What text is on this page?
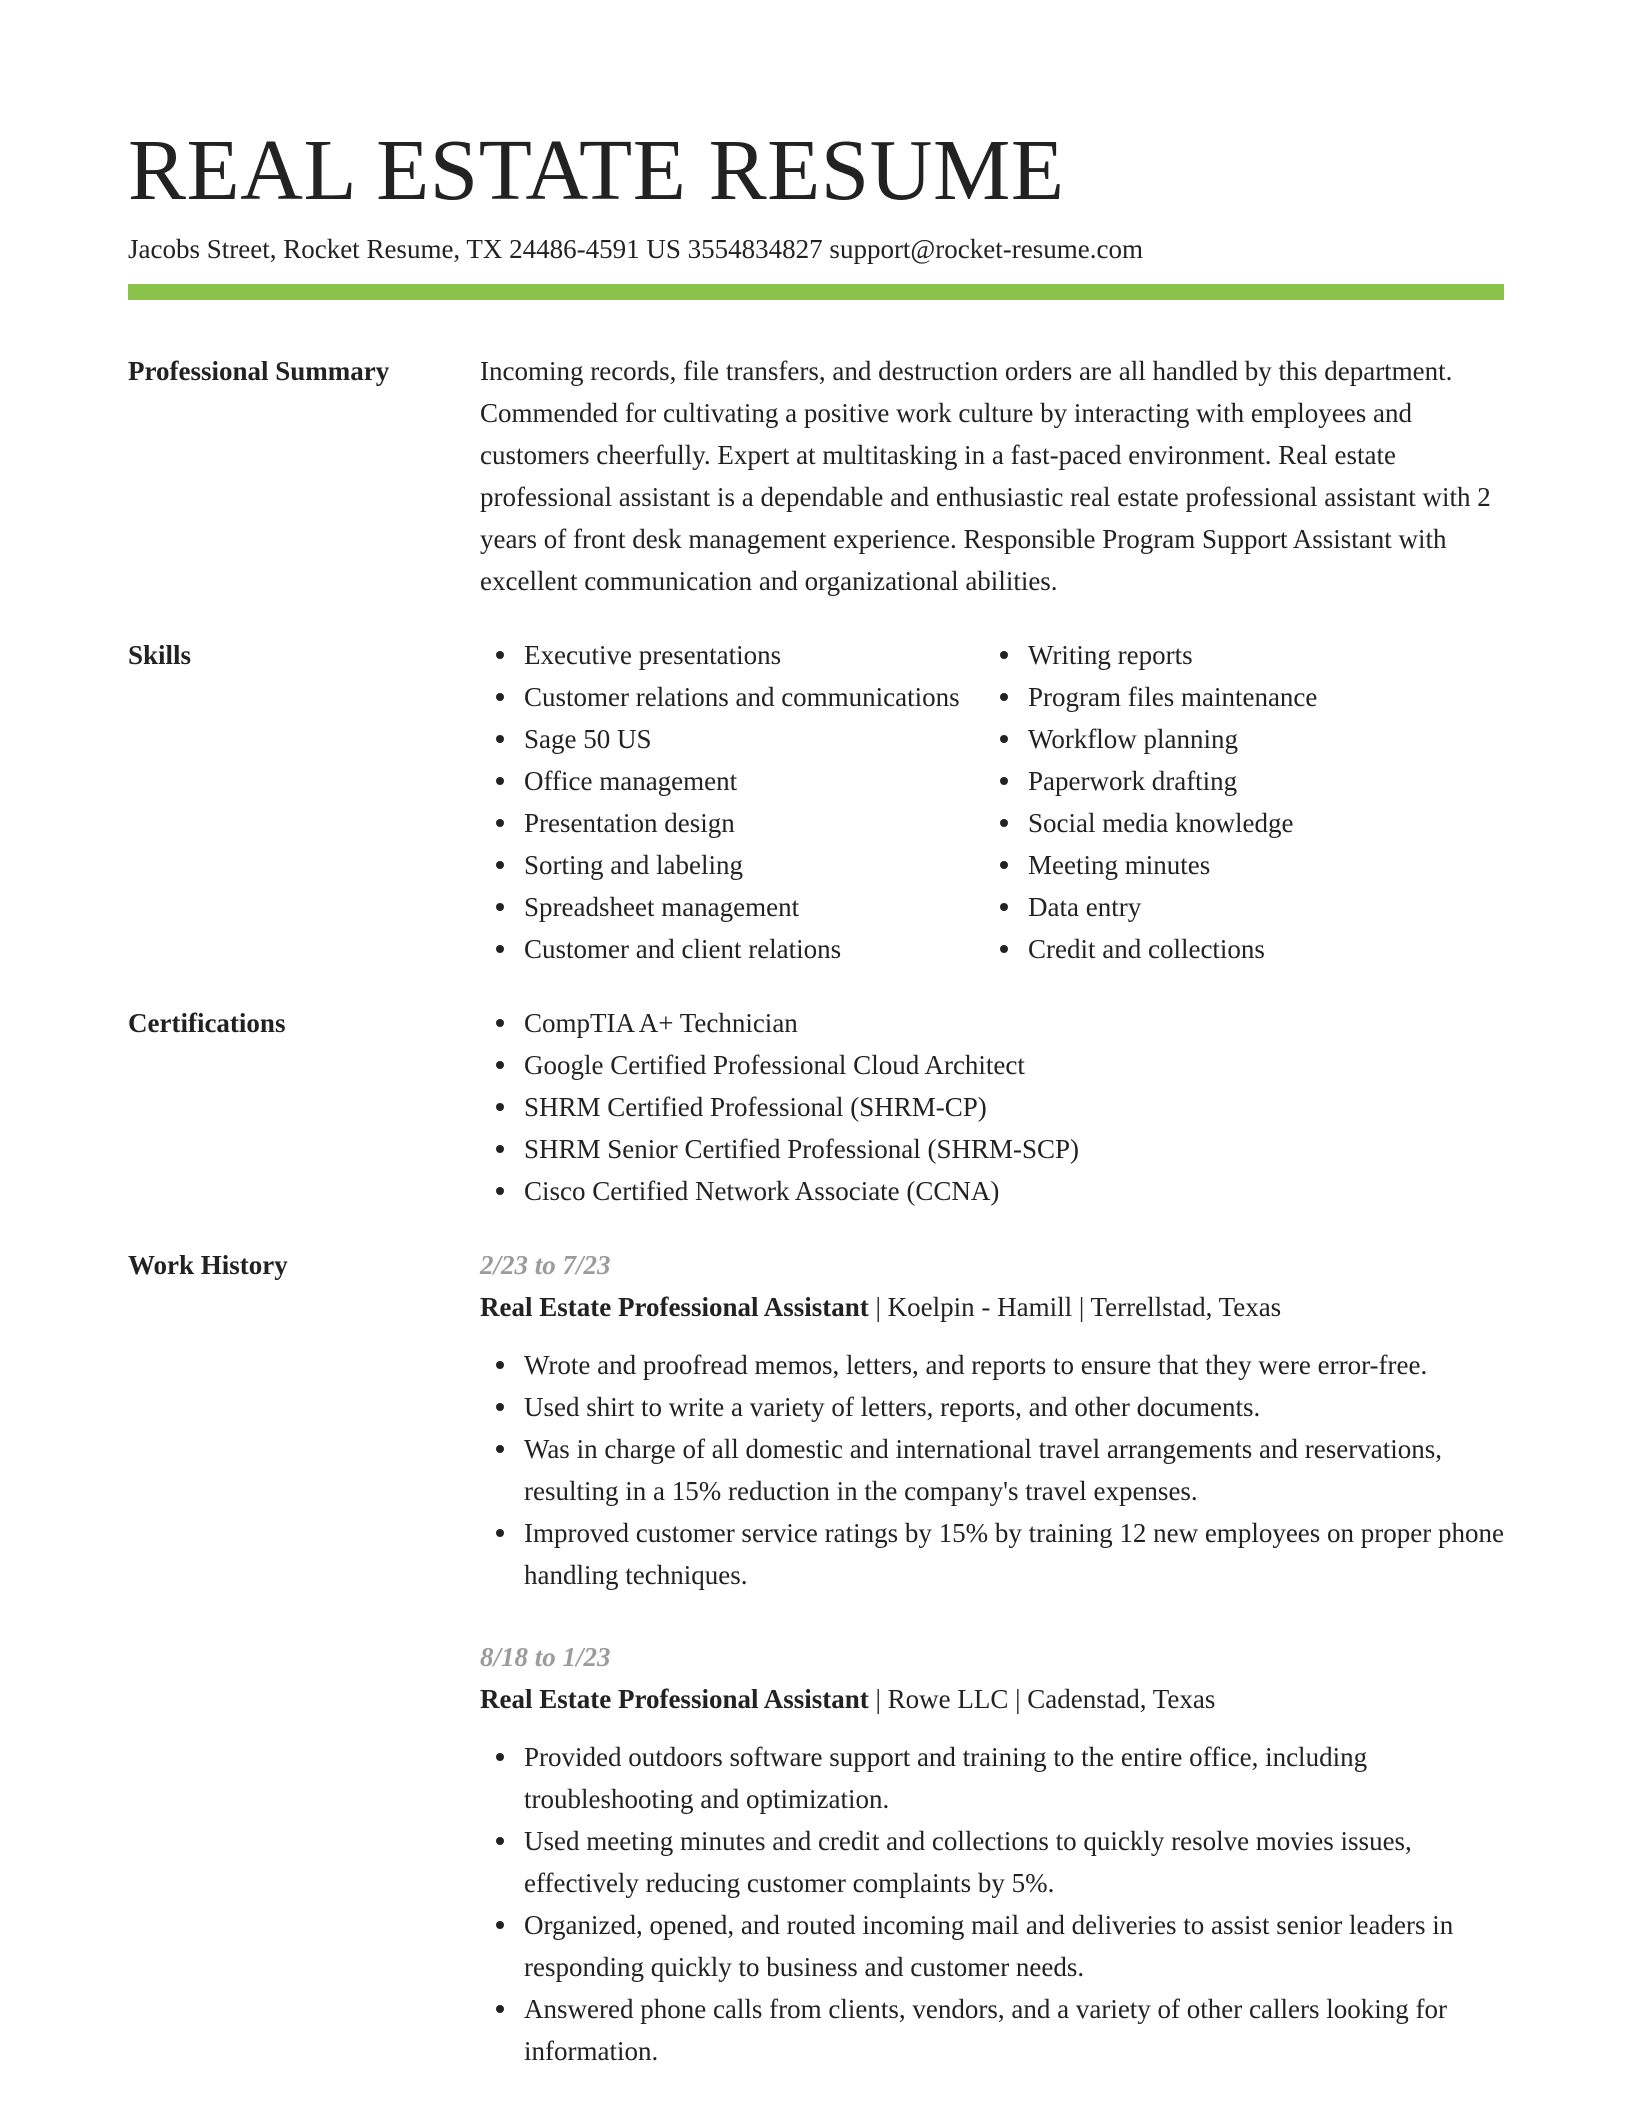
REAL ESTATE RESUME
Jacobs Street, Rocket Resume, TX 24486-4591 US 3554834827 support@rocket-resume.com
Professional Summary	Incoming records, file transfers, and destruction orders are all handled by this department. Commended for cultivating a positive work culture by interacting with employees and customers cheerfully. Expert at multitasking in a fast-paced environment. Real estate professional assistant is a dependable and enthusiastic real estate professional assistant with 2 years of front desk management experience. Responsible Program Support Assistant with excellent communication and organizational abilities.
Skills	Executive presentations
Customer relations and communications
Sage 50 US
Office management
Presentation design
Sorting and labeling
Spreadsheet management
Customer and client relations
Writing reports
Program files maintenance
Workflow planning
Paperwork drafting
Social media knowledge
Meeting minutes
Data entry
Credit and collections
Certifications	CompTIA A+ Technician
Google Certified Professional Cloud Architect
SHRM Certified Professional (SHRM-CP)
SHRM Senior Certified Professional (SHRM-SCP)
Cisco Certified Network Associate (CCNA)
Work History	2/23 to 7/23
Real Estate Professional Assistant | Koelpin - Hamill | Terrellstad, Texas
Wrote and proofread memos, letters, and reports to ensure that they were error-free.
Used shirt to write a variety of letters, reports, and other documents.
Was in charge of all domestic and international travel arrangements and reservations, resulting in a 15% reduction in the company's travel expenses.
Improved customer service ratings by 15% by training 12 new employees on proper phone handling techniques.
8/18 to 1/23
Real Estate Professional Assistant | Rowe LLC | Cadenstad, Texas
Provided outdoors software support and training to the entire office, including troubleshooting and optimization.
Used meeting minutes and credit and collections to quickly resolve movies issues, effectively reducing customer complaints by 5%.
Organized, opened, and routed incoming mail and deliveries to assist senior leaders in responding quickly to business and customer needs.
Answered phone calls from clients, vendors, and a variety of other callers looking for information.
